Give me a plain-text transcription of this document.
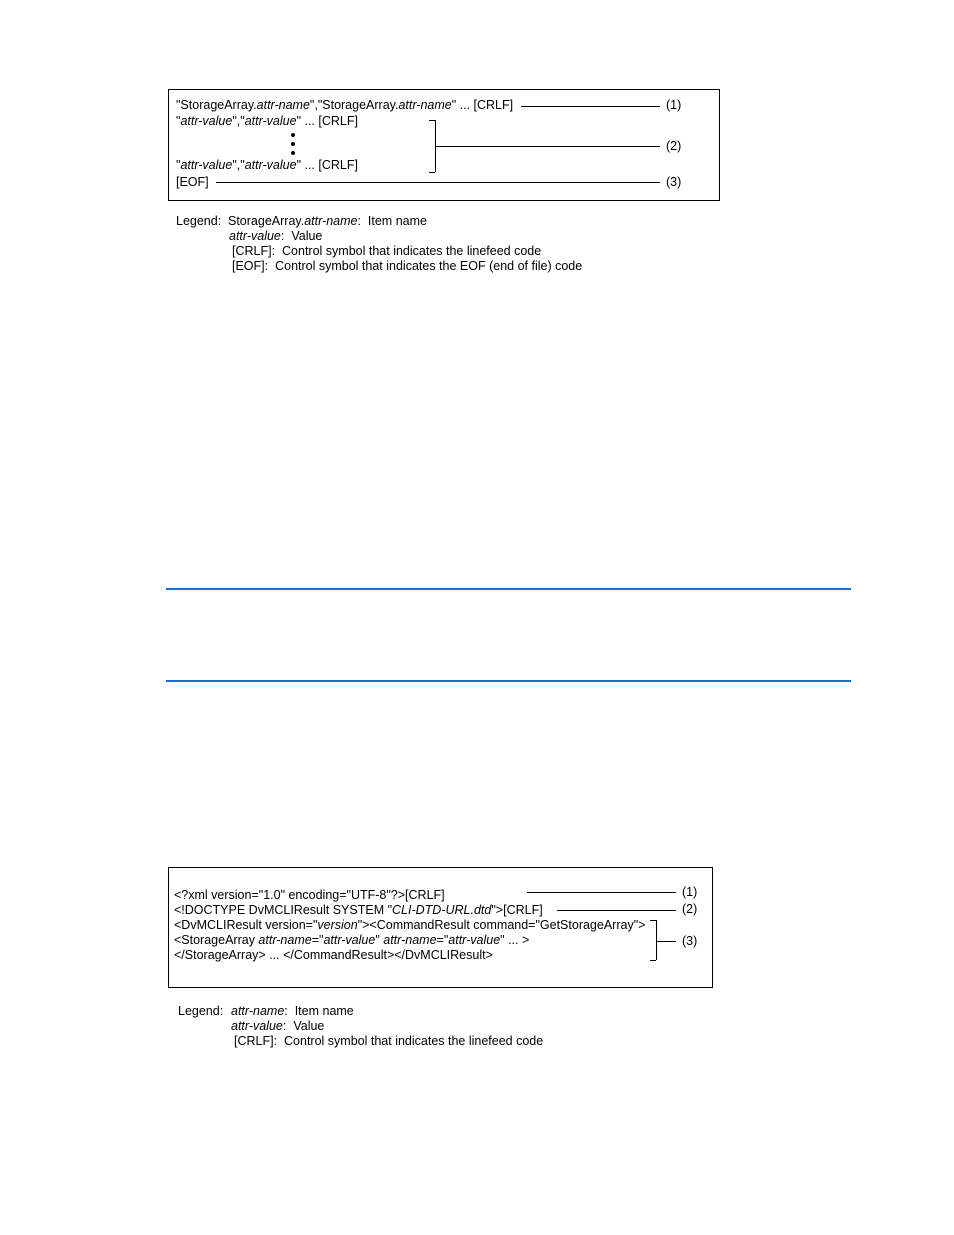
"StorageArray.attr-name","StorageArray.attr-name" ... [CRLF]	(1)
"attr-value","attr-value" ... [CRLF]
"attr-value","attr-value" ... [CRLF]
(2)
[EOF]	(3)
Legend: StorageArray.attr-name: Item name
attr-value: Value
[CRLF]: Control symbol that indicates the linefeed code
[EOF]: Control symbol that indicates the EOF (end of file) code
<?xml version="1.0" encoding="UTF-8"?>[CRLF]	(1)
<!DOCTYPE DvMCLIResult SYSTEM "CLI-DTD-URL.dtd">[CRLF]	(2)
<DvMCLIResult version="version"><CommandResult command="GetStorageArray">
<StorageArray attr-name="attr-value" attr-name="attr-value" ... >
</StorageArray> ... </CommandResult></DvMCLIResult>
(3)
Legend: attr-name: Item name
attr-value: Value
[CRLF]: Control symbol that indicates the linefeed code
